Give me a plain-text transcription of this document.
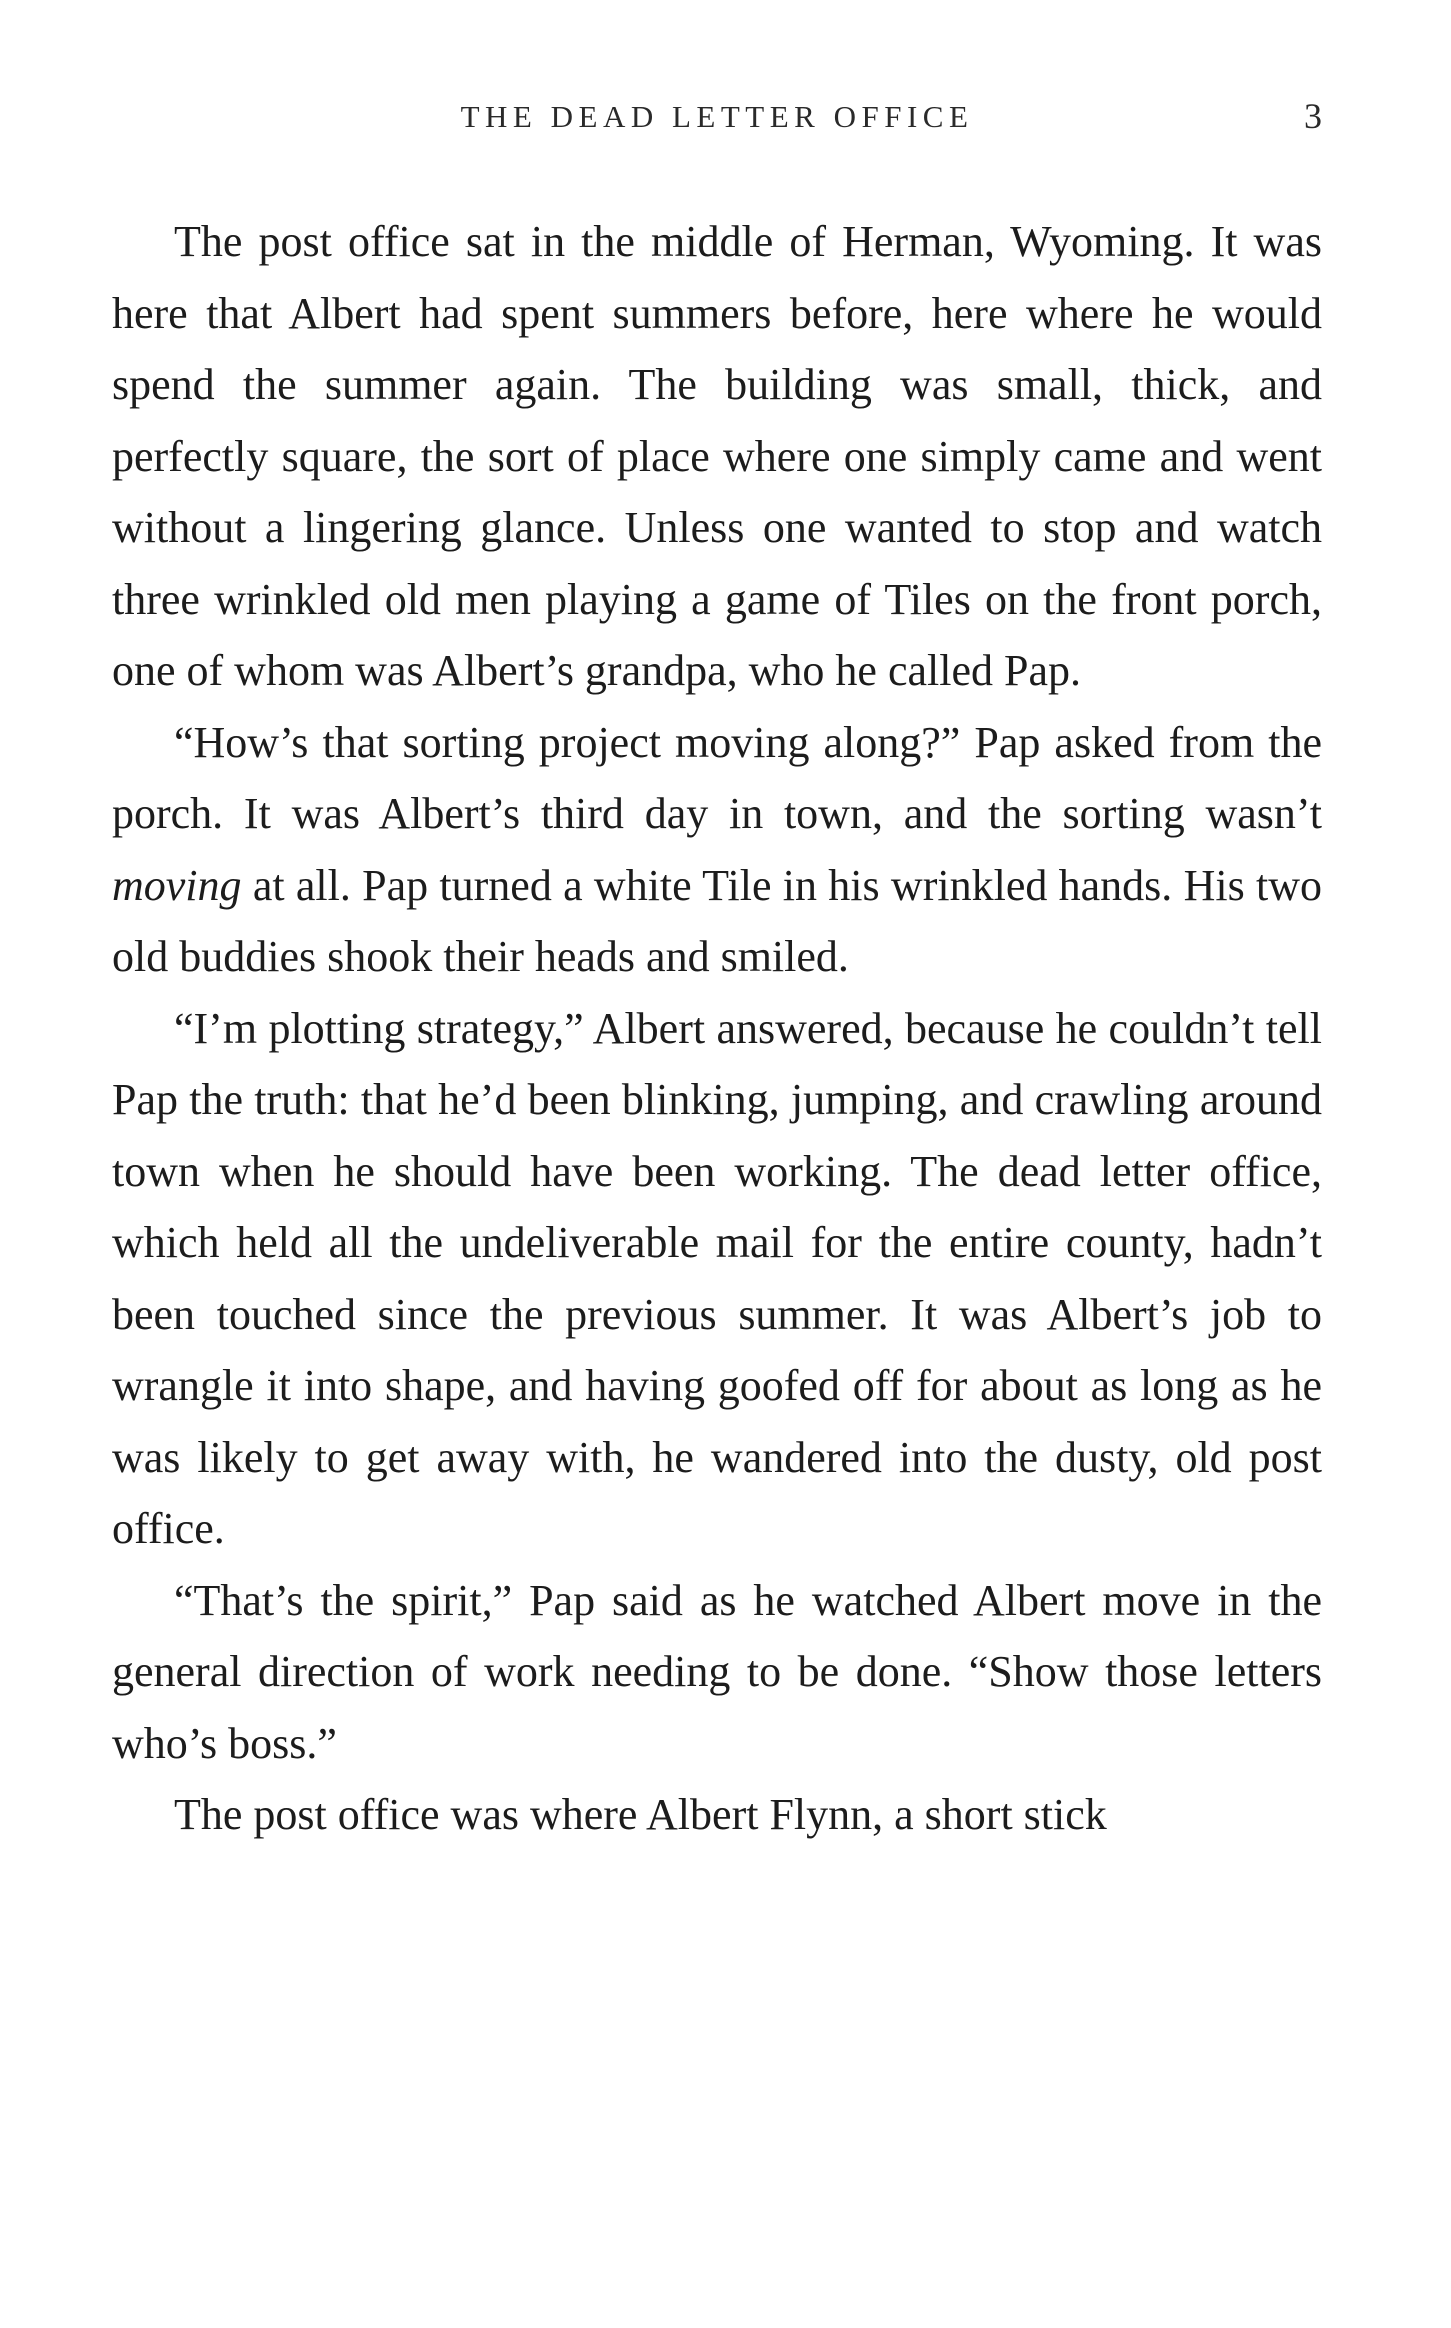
THE DEAD LETTER OFFICE	3

The post office sat in the middle of Herman, Wyoming. It was here that Albert had spent summers before, here where he would spend the summer again. The building was small, thick, and perfectly square, the sort of place where one simply came and went without a lingering glance. Unless one wanted to stop and watch three wrinkled old men playing a game of Tiles on the front porch, one of whom was Albert’s grandpa, who he called Pap.

“How’s that sorting project moving along?” Pap asked from the porch. It was Albert’s third day in town, and the sorting wasn’t moving at all. Pap turned a white Tile in his wrinkled hands. His two old buddies shook their heads and smiled.

“I’m plotting strategy,” Albert answered, because he couldn’t tell Pap the truth: that he’d been blinking, jumping, and crawling around town when he should have been working. The dead letter office, which held all the undeliverable mail for the entire county, hadn’t been touched since the previous summer. It was Albert’s job to wrangle it into shape, and having goofed off for about as long as he was likely to get away with, he wandered into the dusty, old post office.

“That’s the spirit,” Pap said as he watched Albert move in the general direction of work needing to be done. “Show those letters who’s boss.”

The post office was where Albert Flynn, a short stick
